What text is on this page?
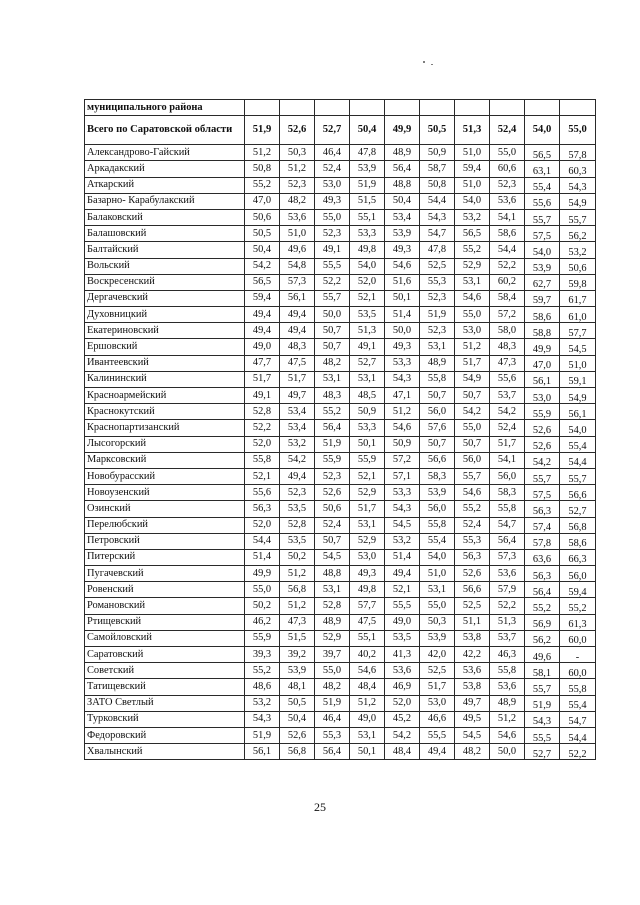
муниципального района										
Всего по Саратовской области	51,9	52,6	52,7	50,4	49,9	50,5	51,3	52,4	54,0	55,0
Александрово-Гайский	51,2	50,3	46,4	47,8	48,9	50,9	51,0	55,0	56,5	57,8
Аркадакский	50,8	51,2	52,4	53,9	56,4	58,7	59,4	60,6	63,1	60,3
Аткарский	55,2	52,3	53,0	51,9	48,8	50,8	51,0	52,3	55,4	54,3
Базарно- Карабулакский	47,0	48,2	49,3	51,5	50,4	54,4	54,0	53,6	55,6	54,9
Балаковский	50,6	53,6	55,0	55,1	53,4	54,3	53,2	54,1	55,7	55,7
Балашовский	50,5	51,0	52,3	53,3	53,9	54,7	56,5	58,6	57,5	56,2
Балтайский	50,4	49,6	49,1	49,8	49,3	47,8	55,2	54,4	54,0	53,2
Вольский	54,2	54,8	55,5	54,0	54,6	52,5	52,9	52,2	53,9	50,6
Воскресенский	56,5	57,3	52,2	52,0	51,6	55,3	53,1	60,2	62,7	59,8
Дергачевский	59,4	56,1	55,7	52,1	50,1	52,3	54,6	58,4	59,7	61,7
Духовницкий	49,4	49,4	50,0	53,5	51,4	51,9	55,0	57,2	58,6	61,0
Екатериновский	49,4	49,4	50,7	51,3	50,0	52,3	53,0	58,0	58,8	57,7
Ершовский	49,0	48,3	50,7	49,1	49,3	53,1	51,2	48,3	49,9	54,5
Ивантеевский	47,7	47,5	48,2	52,7	53,3	48,9	51,7	47,3	47,0	51,0
Калининский	51,7	51,7	53,1	53,1	54,3	55,8	54,9	55,6	56,1	59,1
Красноармейский	49,1	49,7	48,3	48,5	47,1	50,7	50,7	53,7	53,0	54,9
Краснокутский	52,8	53,4	55,2	50,9	51,2	56,0	54,2	54,2	55,9	56,1
Краснопартизанский	52,2	53,4	56,4	53,3	54,6	57,6	55,0	52,4	52,6	54,0
Лысогорский	52,0	53,2	51,9	50,1	50,9	50,7	50,7	51,7	52,6	55,4
Марксовский	55,8	54,2	55,9	55,9	57,2	56,6	56,0	54,1	54,2	54,4
Новобурасский	52,1	49,4	52,3	52,1	57,1	58,3	55,7	56,0	55,7	55,7
Новоузенский	55,6	52,3	52,6	52,9	53,3	53,9	54,6	58,3	57,5	56,6
Озинский	56,3	53,5	50,6	51,7	54,3	56,0	55,2	55,8	56,3	52,7
Перелюбский	52,0	52,8	52,4	53,1	54,5	55,8	52,4	54,7	57,4	56,8
Петровский	54,4	53,5	50,7	52,9	53,2	55,4	55,3	56,4	57,8	58,6
Питерский	51,4	50,2	54,5	53,0	51,4	54,0	56,3	57,3	63,6	66,3
Пугачевский	49,9	51,2	48,8	49,3	49,4	51,0	52,6	53,6	56,3	56,0
Ровенский	55,0	56,8	53,1	49,8	52,1	53,1	56,6	57,9	56,4	59,4
Романовский	50,2	51,2	52,8	57,7	55,5	55,0	52,5	52,2	55,2	55,2
Ртищевский	46,2	47,3	48,9	47,5	49,0	50,3	51,1	51,3	56,9	61,3
Самойловский	55,9	51,5	52,9	55,1	53,5	53,9	53,8	53,7	56,2	60,0
Саратовский	39,3	39,2	39,7	40,2	41,3	42,0	42,2	46,3	49,6	-
Советский	55,2	53,9	55,0	54,6	53,6	52,5	53,6	55,8	58,1	60,0
Татищевский	48,6	48,1	48,2	48,4	46,9	51,7	53,8	53,6	55,7	55,8
ЗАТО Светлый	53,2	50,5	51,9	51,2	52,0	53,0	49,7	48,9	51,9	55,4
Турковский	54,3	50,4	46,4	49,0	45,2	46,6	49,5	51,2	54,3	54,7
Федоровский	51,9	52,6	55,3	53,1	54,2	55,5	54,5	54,6	55,5	54,4
Хвалынский	56,1	56,8	56,4	50,1	48,4	49,4	48,2	50,0	52,7	52,2
25
